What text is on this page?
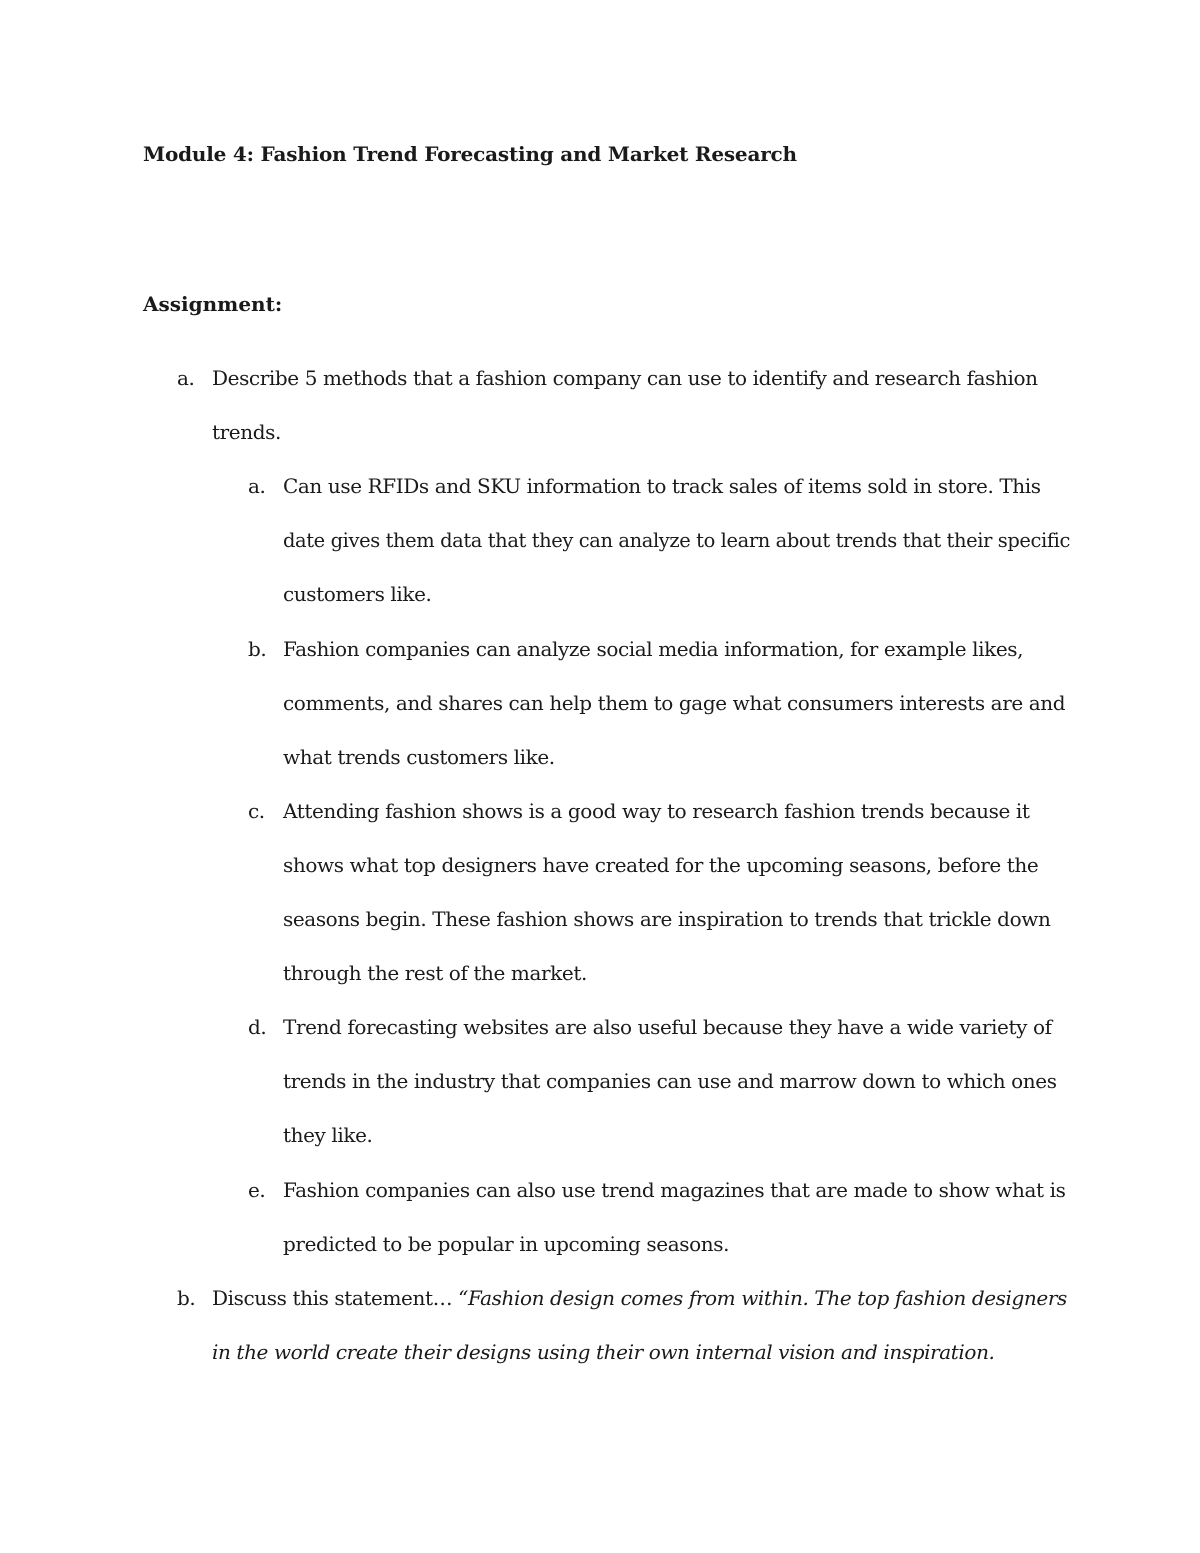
Module 4: Fashion Trend Forecasting and Market Research
Assignment:
a. Describe 5 methods that a fashion company can use to identify and research fashion
trends.
a. Can use RFIDs and SKU information to track sales of items sold in store. This
date gives them data that they can analyze to learn about trends that their specific
customers like.
b. Fashion companies can analyze social media information, for example likes,
comments, and shares can help them to gage what consumers interests are and
what trends customers like.
c. Attending fashion shows is a good way to research fashion trends because it
shows what top designers have created for the upcoming seasons, before the
seasons begin. These fashion shows are inspiration to trends that trickle down
through the rest of the market.
d. Trend forecasting websites are also useful because they have a wide variety of
trends in the industry that companies can use and marrow down to which ones
they like.
e. Fashion companies can also use trend magazines that are made to show what is
predicted to be popular in upcoming seasons.
b. Discuss this statement… “Fashion design comes from within. The top fashion designers
in the world create their designs using their own internal vision and inspiration.
